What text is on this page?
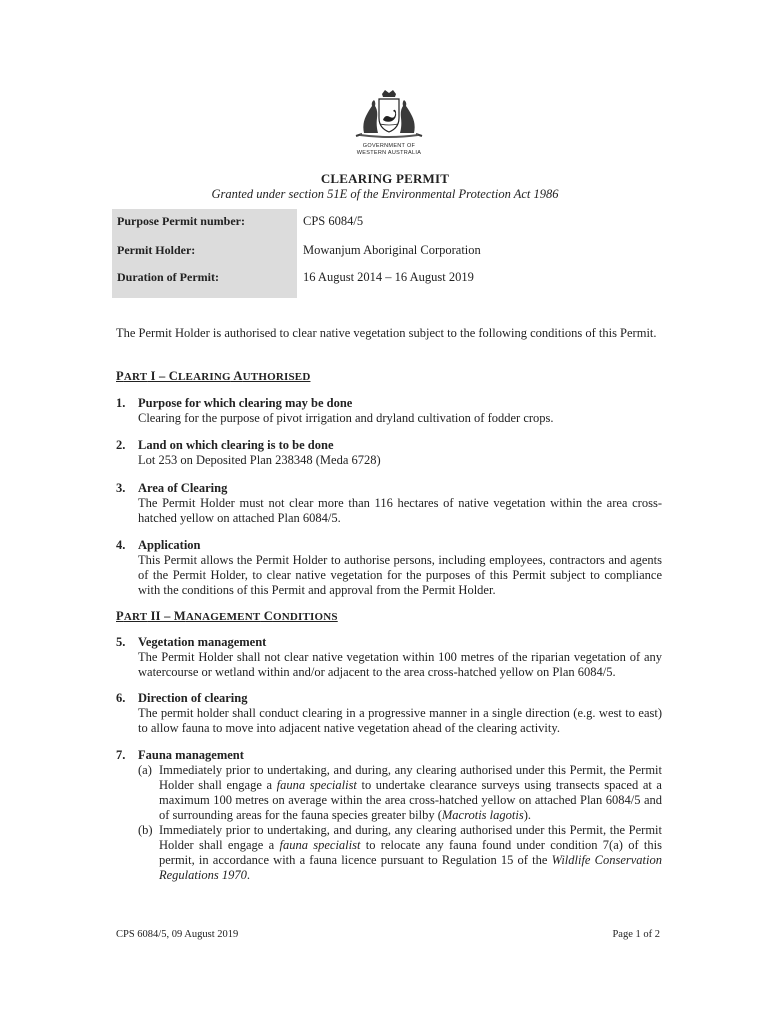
GOVERNMENT OF
WESTERN AUSTRALIA
CLEARING PERMIT
Granted under section 51E of the Environmental Protection Act 1986
Purpose Permit number:	CPS 6084/5
Permit Holder:	Mowanjum Aboriginal Corporation
Duration of Permit:	16 August 2014 – 16 August 2019
The Permit Holder is authorised to clear native vegetation subject to the following conditions of this Permit.
PART I – CLEARING AUTHORISED
1. Purpose for which clearing may be done
Clearing for the purpose of pivot irrigation and dryland cultivation of fodder crops.
2. Land on which clearing is to be done
Lot 253 on Deposited Plan 238348 (Meda 6728)
3. Area of Clearing
The Permit Holder must not clear more than 116 hectares of native vegetation within the area cross-hatched yellow on attached Plan 6084/5.
4. Application
This Permit allows the Permit Holder to authorise persons, including employees, contractors and agents of the Permit Holder, to clear native vegetation for the purposes of this Permit subject to compliance with the conditions of this Permit and approval from the Permit Holder.
PART II – MANAGEMENT CONDITIONS
5. Vegetation management
The Permit Holder shall not clear native vegetation within 100 metres of the riparian vegetation of any watercourse or wetland within and/or adjacent to the area cross-hatched yellow on Plan 6084/5.
6. Direction of clearing
The permit holder shall conduct clearing in a progressive manner in a single direction (e.g. west to east) to allow fauna to move into adjacent native vegetation ahead of the clearing activity.
7. Fauna management
(a) Immediately prior to undertaking, and during, any clearing authorised under this Permit, the Permit Holder shall engage a fauna specialist to undertake clearance surveys using transects spaced at a maximum 100 metres on average within the area cross-hatched yellow on attached Plan 6084/5 and of surrounding areas for the fauna species greater bilby (Macrotis lagotis).
(b) Immediately prior to undertaking, and during, any clearing authorised under this Permit, the Permit Holder shall engage a fauna specialist to relocate any fauna found under condition 7(a) of this permit, in accordance with a fauna licence pursuant to Regulation 15 of the Wildlife Conservation Regulations 1970.
CPS 6084/5, 09 August 2019	Page 1 of 2
